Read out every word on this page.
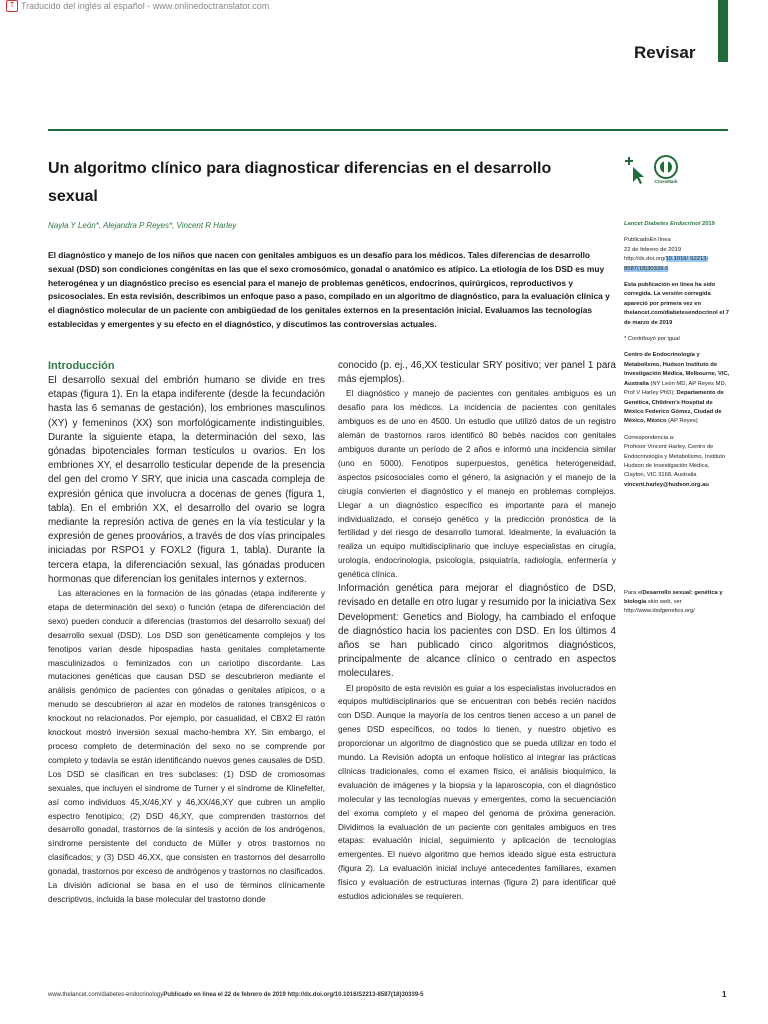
T Traducido del inglés al español - www.onlinedoctranslator.com
Revisar
Un algoritmo clínico para diagnosticar diferencias en el desarrollo sexual
CrossMark
Nayla Y León*, Alejandra P Reyes*, Vincent R Harley
El diagnóstico y manejo de los niños que nacen con genitales ambiguos es un desafío para los médicos. Tales diferencias de desarrollo sexual (DSD) son condiciones congénitas en las que el sexo cromosómico, gonadal o anatómico es atípico. La etiología de los DSD es muy heterogénea y un diagnóstico preciso es esencial para el manejo de problemas genéticos, endocrinos, quirúrgicos, reproductivos y psicosociales. En esta revisión, describimos un enfoque paso a paso, compilado en un algoritmo de diagnóstico, para la evaluación clínica y el diagnóstico molecular de un paciente con ambigüedad de los genitales externos en la presentación inicial. Evaluamos las tecnologías establecidas y emergentes y su efecto en el diagnóstico, y discutimos las controversias actuales.

Lancet Diabetes Endocrinol 2019

PublicadoEn línea
22 de febrero de 2019
http://dx.doi.org/10.1016/ S2213-8587(18)30339-5

Esta publicación en línea ha sido corregida. La versión corregida apareció por primera vez en thelancet.com/diabetesendocrinol el 7 de marzo de 2019

* Contribuyó por igual

Centro de Endocrinología y Metabolismo, Hudson Instituto de Investigación Médica, Melbourne, VIC, Australia (NY León MD, AP Reyes MD, Prof V Harley PhD); Departamento de Genética, Children's Hospital de México Federico Gómez, Ciudad de México, México (AP Reyes)

Correspondencia a:
Profesor Vincent Harley, Centro de Endocrinología y Metabolismo, Instituto Hudson de Investigación Médica, Clayton, VIC 3168, Australia
vincent.harley@hudson.org.au

Para elDesarrollo sexual: genética y biología sitio web, ver http://www.dsdgenetics.org/
Introducción

El desarrollo sexual del embrión humano se divide en tres etapas (figura 1). En la etapa indiferente (desde la fecundación hasta las 6 semanas de gestación), los embriones masculinos (XY) y femeninos (XX) son morfológicamente indistinguibles. Durante la siguiente etapa, la determinación del sexo, las gónadas bipotenciales forman testículos u ovarios. En los embriones XY, el desarrollo testicular depende de la presencia del gen del cromo Y SRY, que inicia una cascada compleja de expresión génica que involucra a docenas de genes (figura 1, tabla). En el embrión XX, el desarrollo del ovario se logra mediante la represión activa de genes en la vía testicular y la expresión de genes proovários, a través de dos vías principales iniciadas por RSPO1 y FOXL2 (figura 1, tabla). Durante la tercera etapa, la diferenciación sexual, las gónadas producen hormonas que diferencian los genitales internos y externos.

Las alteraciones en la formación de las gónadas (etapa indiferente y etapa de determinación del sexo) o función (etapa de diferenciación del sexo) pueden conducir a diferencias (trastornos del desarrollo sexual) del desarrollo sexual (DSD). Los DSD son genéticamente complejos y los fenotipos varían desde hipospadias hasta genitales completamente masculinizados o feminizados con un cariotipo discordante. Las mutaciones genéticas que causan DSD se descubrieron mediante el análisis genómico de pacientes con gónadas o genitales atípicos, o a menudo se descubrieron al azar en modelos de ratones transgénicos o knockout no relacionados. Por ejemplo, por casualidad, el CBX2 El ratón knockout mostró inversión sexual macho-hembra XY. Sin embargo, el proceso completo de determinación del sexo no se comprende por completo y todavía se están identificando nuevos genes causales de DSD. Los DSD se clasifican en tres subclases: (1) DSD de cromosomas sexuales, que incluyen el síndrome de Turner y el síndrome de Klinefelter, así como individuos 45,X/46,XY y 46,XX/46,XY que cubren un amplio espectro fenotípico; (2) DSD 46,XY, que comprenden trastornos del desarrollo gonadal, trastornos de la síntesis y acción de los andrógenos, síndrome persistente del conducto de Müller y otros trastornos no clasificados; y (3) DSD 46,XX, que consisten en trastornos del desarrollo gonadal, trastornos por exceso de andrógenos y trastornos no clasificados. La división adicional se basa en el uso de términos clínicamente descriptivos, incluida la base molecular del trastorno donde

conocido (p. ej., 46,XX testicular SRY positivo; ver panel 1 para más ejemplos).

El diagnóstico y manejo de pacientes con genitales ambiguos es un desafío para los médicos. La incidencia de pacientes con genitales ambiguos es de uno en 4500. Un estudio que utilizó datos de un registro alemán de trastornos raros identificó 80 bebés nacidos con genitales ambiguos durante un período de 2 años e informó una incidencia similar (uno en 5000). Fenotipos superpuestos, genética heterogeneidad, aspectos psicosociales como el género, la asignación y el manejo de la cirugía convierten el diagnóstico y el manejo en problemas complejos. Llegar a un diagnóstico específico es importante para el manejo individualizado, el consejo genético y la predicción pronóstica de la fertilidad y del riesgo de desarrollo tumoral. Idealmente, la evaluación la realiza un equipo multidisciplinario que incluye especialistas en cirugía, urología, endocrinología, psicología, psiquiatría, radiología, enfermería y genética clínica.

Información genética para mejorar el diagnóstico de DSD, revisado en detalle en otro lugar y resumido por la iniciativa Sex Development: Genetics and Biology, ha cambiado el enfoque de diagnóstico hacia los pacientes con DSD. En los últimos 4 años se han publicado cinco algoritmos diagnósticos, principalmente de alcance clínico o centrado en aspectos moleculares.

El propósito de esta revisión es guiar a los especialistas involucrados en equipos multidisciplinarios que se encuentran con bebés recién nacidos con DSD. Aunque la mayoría de los centros tienen acceso a un panel de genes DSD específicos, no todos lo tienen, y nuestro objetivo es proporcionar un algoritmo de diagnóstico que se pueda utilizar en todo el mundo. La Revisión adopta un enfoque holístico al integrar las prácticas clínicas tradicionales, como el examen físico, el análisis bioquímico, la evaluación de imágenes y la biopsia y la laparoscopia, con el diagnóstico molecular y las tecnologías nuevas y emergentes, como la secuenciación del exoma completo y el mapeo del genoma de próxima generación. Dividimos la evaluación de un paciente con genitales ambiguos en tres etapas: evaluación inicial, seguimiento y aplicación de tecnologías emergentes. El nuevo algoritmo que hemos ideado sigue esta estructura (figura 2). La evaluación inicial incluye antecedentes familiares, examen físico y evaluación de estructuras internas (figura 2) para identificar qué estudios adicionales se requieren.

www.thelancet.com/diabetes-endocrinologyPublicado en línea el 22 de febrero de 2019 http://dx.doi.org/10.1016/S2213-8587(18)30339-5	1
